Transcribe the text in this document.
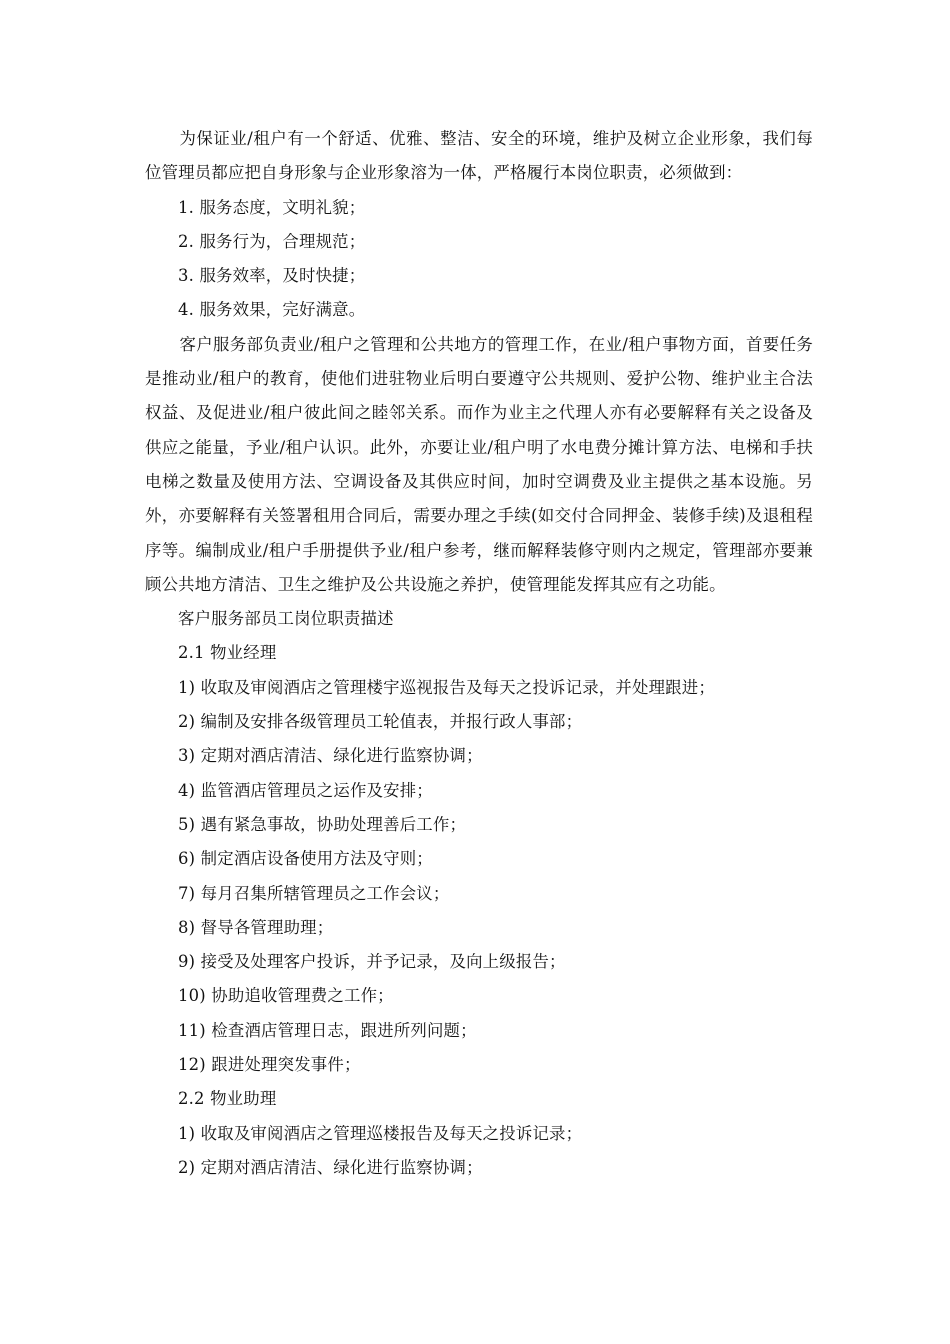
为保证业/租户有一个舒适、优雅、整洁、安全的环境，维护及树立企业形象，我们每位管理员都应把自身形象与企业形象溶为一体，严格履行本岗位职责，必须做到：

1. 服务态度，文明礼貌；

2. 服务行为，合理规范；

3. 服务效率，及时快捷；

4. 服务效果，完好满意。

客户服务部负责业/租户之管理和公共地方的管理工作，在业/租户事物方面，首要任务是推动业/租户的教育，使他们进驻物业后明白要遵守公共规则、爱护公物、维护业主合法权益、及促进业/租户彼此间之睦邻关系。而作为业主之代理人亦有必要解释有关之设备及供应之能量，予业/租户认识。此外，亦要让业/租户明了水电费分摊计算方法、电梯和手扶电梯之数量及使用方法、空调设备及其供应时间，加时空调费及业主提供之基本设施。另外，亦要解释有关签署租用合同后，需要办理之手续(如交付合同押金、装修手续)及退租程序等。编制成业/租户手册提供予业/租户参考，继而解释装修守则内之规定，管理部亦要兼顾公共地方清洁、卫生之维护及公共设施之养护，使管理能发挥其应有之功能。

客户服务部员工岗位职责描述

2.1 物业经理

1) 收取及审阅酒店之管理楼宇巡视报告及每天之投诉记录，并处理跟进；

2) 编制及安排各级管理员工轮值表，并报行政人事部；

3) 定期对酒店清洁、绿化进行监察协调；

4) 监管酒店管理员之运作及安排；

5) 遇有紧急事故，协助处理善后工作；

6) 制定酒店设备使用方法及守则；

7) 每月召集所辖管理员之工作会议；

8) 督导各管理助理；

9) 接受及处理客户投诉，并予记录，及向上级报告；

10) 协助追收管理费之工作；

11) 检查酒店管理日志，跟进所列问题；

12) 跟进处理突发事件；

2.2 物业助理

1) 收取及审阅酒店之管理巡楼报告及每天之投诉记录；

2) 定期对酒店清洁、绿化进行监察协调；
